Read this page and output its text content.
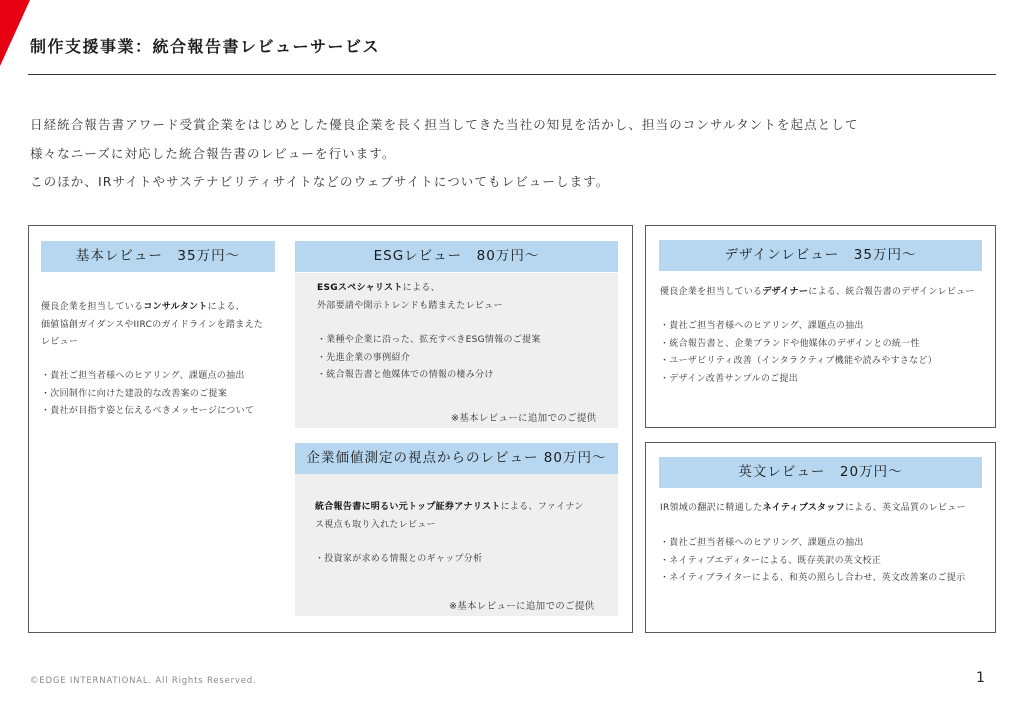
制作支援事業：統合報告書レビューサービス

日経統合報告書アワード受賞企業をはじめとした優良企業を長く担当してきた当社の知見を活かし、担当のコンサルタントを起点として

様々なニーズに対応した統合報告書のレビューを行います。

このほか、IRサイトやサステナビリティサイトなどのウェブサイトについてもレビューします。

基本レビュー　35万円〜

優良企業を担当しているコンサルタントによる、

価値協創ガイダンスやIIRCのガイドラインを踏まえた

レビュー

・貴社ご担当者様へのヒアリング、課題点の抽出
・次回制作に向けた建設的な改善案のご提案
・貴社が目指す姿と伝えるべきメッセージについて
ESGレビュー　80万円〜

ESGスペシャリストによる、

外部要請や開示トレンドも踏まえたレビュー

・業種や企業に沿った、拡充すべきESG情報のご提案
・先進企業の事例紹介
・統合報告書と他媒体での情報の棲み分け
※基本レビューに追加でのご提供
企業価値測定の視点からのレビュー 80万円〜

統合報告書に明るい元トップ証券アナリストによる、ファイナン

ス視点も取り入れたレビュー

・投資家が求める情報とのギャップ分析
※基本レビューに追加でのご提供
デザインレビュー　35万円〜

優良企業を担当しているデザイナーによる、統合報告書のデザインレビュー

・貴社ご担当者様へのヒアリング、課題点の抽出
・統合報告書と、企業ブランドや他媒体のデザインとの統一性
・ユーザビリティ改善（インタラクティブ機能や読みやすさなど）
・デザイン改善サンプルのご提出
英文レビュー　20万円〜

IR領域の翻訳に精通したネイティブスタッフによる、英文品質のレビュー

・貴社ご担当者様へのヒアリング、課題点の抽出
・ネイティブエディターによる、既存英訳の英文校正
・ネイティブライターによる、和英の照らし合わせ、英文改善案のご提示
©EDGE INTERNATIONAL. All Rights Reserved.	1
